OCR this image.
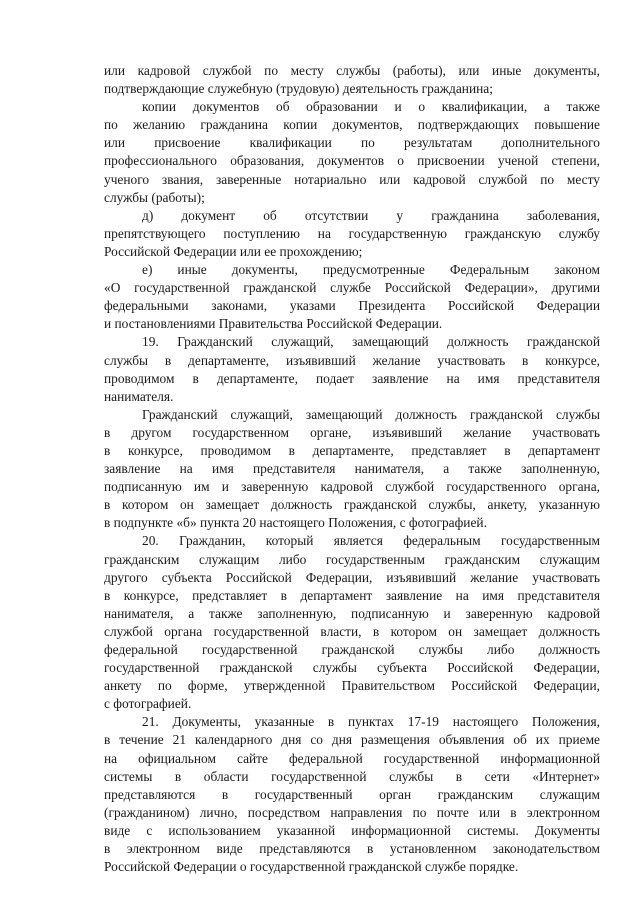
или кадровой службой по месту службы (работы), или иные документы,
подтверждающие служебную (трудовую) деятельность гражданина;
копии документов об образовании и о квалификации, а также
по желанию гражданина копии документов, подтверждающих повышение
или присвоение квалификации по результатам дополнительного
профессионального образования, документов о присвоении ученой степени,
ученого звания, заверенные нотариально или кадровой службой по месту
службы (работы);
д) документ об отсутствии у гражданина заболевания,
препятствующего поступлению на государственную гражданскую службу
Российской Федерации или ее прохождению;
е) иные документы, предусмотренные Федеральным законом
«О государственной гражданской службе Российской Федерации», другими
федеральными законами, указами Президента Российской Федерации
и постановлениями Правительства Российской Федерации.
19. Гражданский служащий, замещающий должность гражданской
службы в департаменте, изъявивший желание участвовать в конкурсе,
проводимом в департаменте, подает заявление на имя представителя
нанимателя.
Гражданский служащий, замещающий должность гражданской службы
в другом государственном органе, изъявивший желание участвовать
в конкурсе, проводимом в департаменте, представляет в департамент
заявление на имя представителя нанимателя, а также заполненную,
подписанную им и заверенную кадровой службой государственного органа,
в котором он замещает должность гражданской службы, анкету, указанную
в подпункте «б» пункта 20 настоящего Положения, с фотографией.
20. Гражданин, который является федеральным государственным
гражданским служащим либо государственным гражданским служащим
другого субъекта Российской Федерации, изъявивший желание участвовать
в конкурсе, представляет в департамент заявление на имя представителя
нанимателя, а также заполненную, подписанную и заверенную кадровой
службой органа государственной власти, в котором он замещает должность
федеральной государственной гражданской службы либо должность
государственной гражданской службы субъекта Российской Федерации,
анкету по форме, утвержденной Правительством Российской Федерации,
с фотографией.
21. Документы, указанные в пунктах 17-19 настоящего Положения,
в течение 21 календарного дня со дня размещения объявления об их приеме
на официальном сайте федеральной государственной информационной
системы в области государственной службы в сети «Интернет»
представляются в государственный орган гражданским служащим
(гражданином) лично, посредством направления по почте или в электронном
виде с использованием указанной информационной системы. Документы
в электронном виде представляются в установленном законодательством
Российской Федерации о государственной гражданской службе порядке.
